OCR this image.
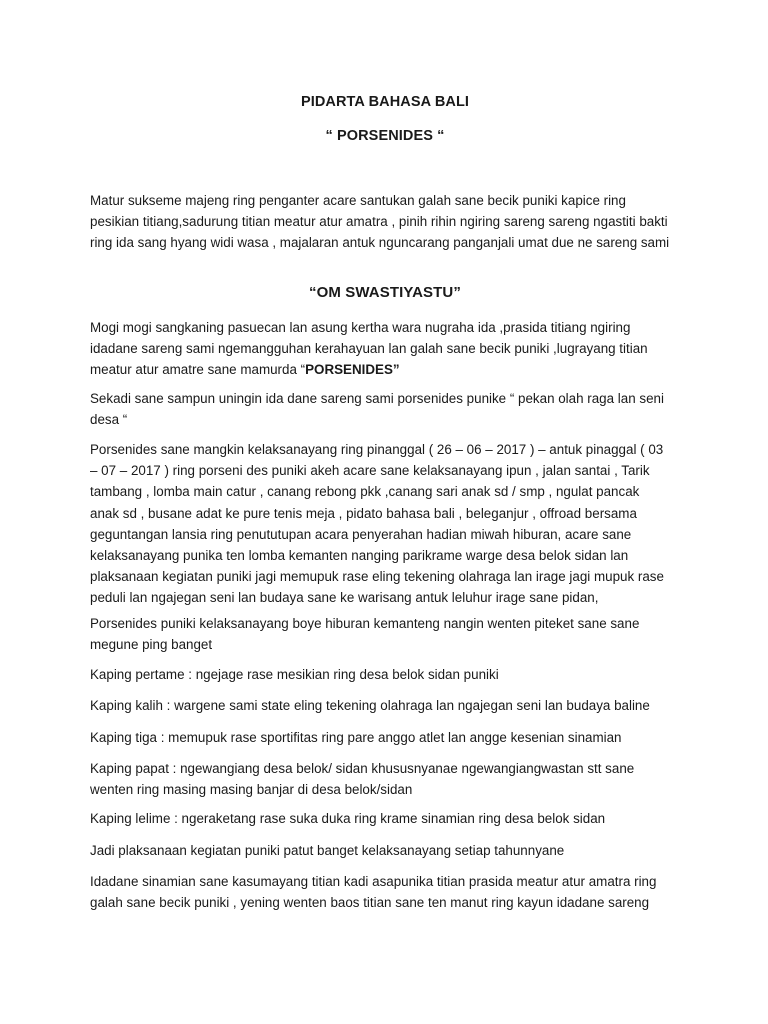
PIDARTA BAHASA BALI
“ PORSENIDES “

Matur sukseme majeng ring penganter acare santukan galah sane becik puniki kapice ring pesikian titiang,sadurung titian meatur atur amatra , pinih rihin ngiring sareng sareng ngastiti bakti ring ida sang hyang widi wasa , majalaran antuk nguncarang panganjali umat due ne sareng sami

“OM SWASTIYASTU”

Mogi mogi sangkaning pasuecan lan asung kertha wara nugraha ida ,prasida titiang ngiring idadane sareng sami ngemangguhan kerahayuan lan galah sane becik puniki ,lugrayang titian meatur atur amatre sane mamurda “PORSENIDES”

Sekadi sane sampun uningin ida dane sareng sami porsenides punike “ pekan olah raga lan seni desa “

Porsenides sane mangkin kelaksanayang ring pinanggal ( 26 – 06 – 2017 ) – antuk pinaggal ( 03 – 07 – 2017 ) ring porseni des puniki akeh acare sane kelaksanayang ipun , jalan santai , Tarik tambang , lomba main catur , canang rebong pkk ,canang sari anak sd / smp , ngulat pancak anak sd , busane adat ke pure tenis meja , pidato bahasa bali , beleganjur , offroad bersama geguntangan lansia ring penututupan acara penyerahan hadian miwah hiburan, acare sane kelaksanayang punika ten lomba kemanten nanging parikrame warge desa belok sidan lan plaksanaan kegiatan puniki jagi memupuk rase eling tekening olahraga lan irage jagi mupuk rase peduli lan ngajegan seni lan budaya sane ke warisang antuk leluhur irage sane pidan,

Porsenides puniki kelaksanayang boye hiburan kemanteng nangin wenten piteket sane sane megune ping banget

Kaping pertame : ngejage rase mesikian ring desa belok sidan puniki

Kaping kalih : wargene sami state eling tekening olahraga lan ngajegan seni lan budaya baline

Kaping tiga : memupuk rase sportifitas ring pare anggo atlet lan angge kesenian sinamian

Kaping papat : ngewangiang desa belok/ sidan khususnyanae ngewangiangwastan stt sane wenten ring masing masing banjar di desa belok/sidan

Kaping lelime : ngeraketang rase suka duka ring krame sinamian ring desa belok sidan

Jadi plaksanaan kegiatan puniki patut banget kelaksanayang setiap tahunnyane

Idadane sinamian sane kasumayang titian kadi asapunika titian prasida meatur atur amatra ring galah sane becik puniki , yening wenten baos titian sane ten manut ring kayun idadane sareng
